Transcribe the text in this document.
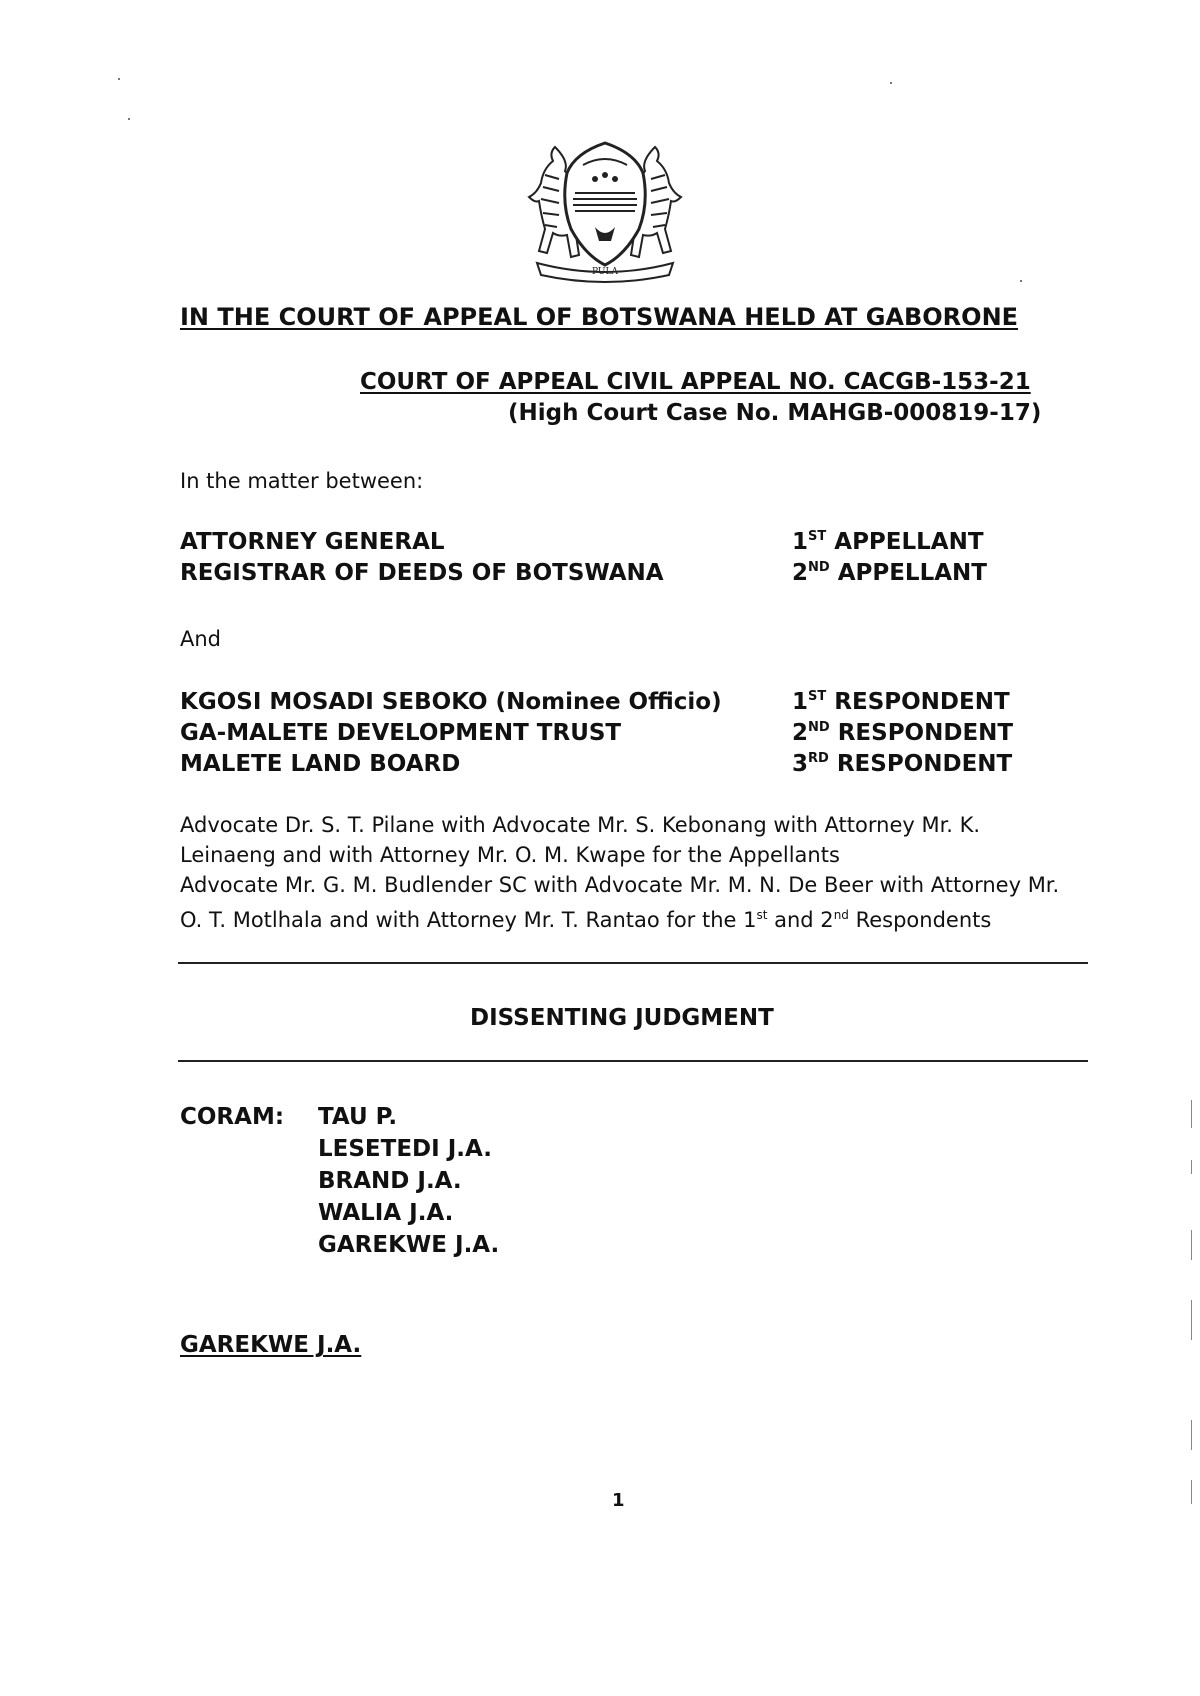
PULA
IN THE COURT OF APPEAL OF BOTSWANA HELD AT GABORONE
COURT OF APPEAL CIVIL APPEAL NO. CACGB-153-21
(High Court Case No. MAHGB-000819-17)
In the matter between:
ATTORNEY GENERAL	1ST APPELLANT
REGISTRAR OF DEEDS OF BOTSWANA	2ND APPELLANT
And
KGOSI MOSADI SEBOKO (Nominee Officio)	1ST RESPONDENT
GA-MALETE DEVELOPMENT TRUST	2ND RESPONDENT
MALETE LAND BOARD	3RD RESPONDENT
Advocate Dr. S. T. Pilane with Advocate Mr. S. Kebonang with Attorney Mr. K. Leinaeng and with Attorney Mr. O. M. Kwape for the Appellants
Advocate Mr. G. M. Budlender SC with Advocate Mr. M. N. De Beer with Attorney Mr. O. T. Motlhala and with Attorney Mr. T. Rantao for the 1st and 2nd Respondents
DISSENTING JUDGMENT
CORAM: TAU P.
LESETEDI J.A.
BRAND J.A.
WALIA J.A.
GAREKWE J.A.
GAREKWE J.A.
1
